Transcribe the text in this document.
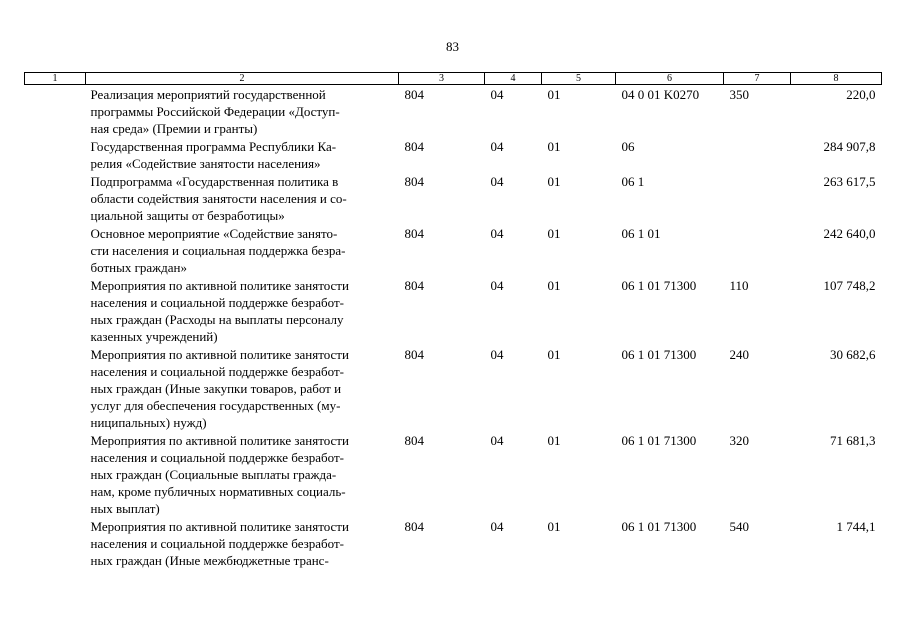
83
1	2	3	4	5	6	7	8

	Реализация мероприятий государственной
программы Российской Федерации «Доступ-
ная среда» (Премии и гранты)	804	04	01	04 0 01 K0270	350	220,0

	Государственная программа Республики Ка-
релия «Содействие занятости населения»	804	04	01	06		284 907,8

	Подпрограмма «Государственная политика в
области содействия занятости населения и со-
циальной защиты от безработицы»	804	04	01	06 1		263 617,5

	Основное мероприятие «Содействие занято-
сти населения и социальная поддержка безра-
ботных граждан»	804	04	01	06 1 01		242 640,0

	Мероприятия по активной политике занятости
населения и социальной поддержке безработ-
ных граждан (Расходы на выплаты персоналу
казенных учреждений)	804	04	01	06 1 01 71300	110	107 748,2

	Мероприятия по активной политике занятости
населения и социальной поддержке безработ-
ных граждан (Иные закупки товаров, работ и
услуг для обеспечения государственных (му-
ниципальных) нужд)	804	04	01	06 1 01 71300	240	30 682,6

	Мероприятия по активной политике занятости
населения и социальной поддержке безработ-
ных граждан (Социальные выплаты гражда-
нам, кроме публичных нормативных социаль-
ных выплат)	804	04	01	06 1 01 71300	320	71 681,3

	Мероприятия по активной политике занятости
населения и социальной поддержке безработ-
ных граждан (Иные межбюджетные транс-	804	04	01	06 1 01 71300	540	1 744,1
